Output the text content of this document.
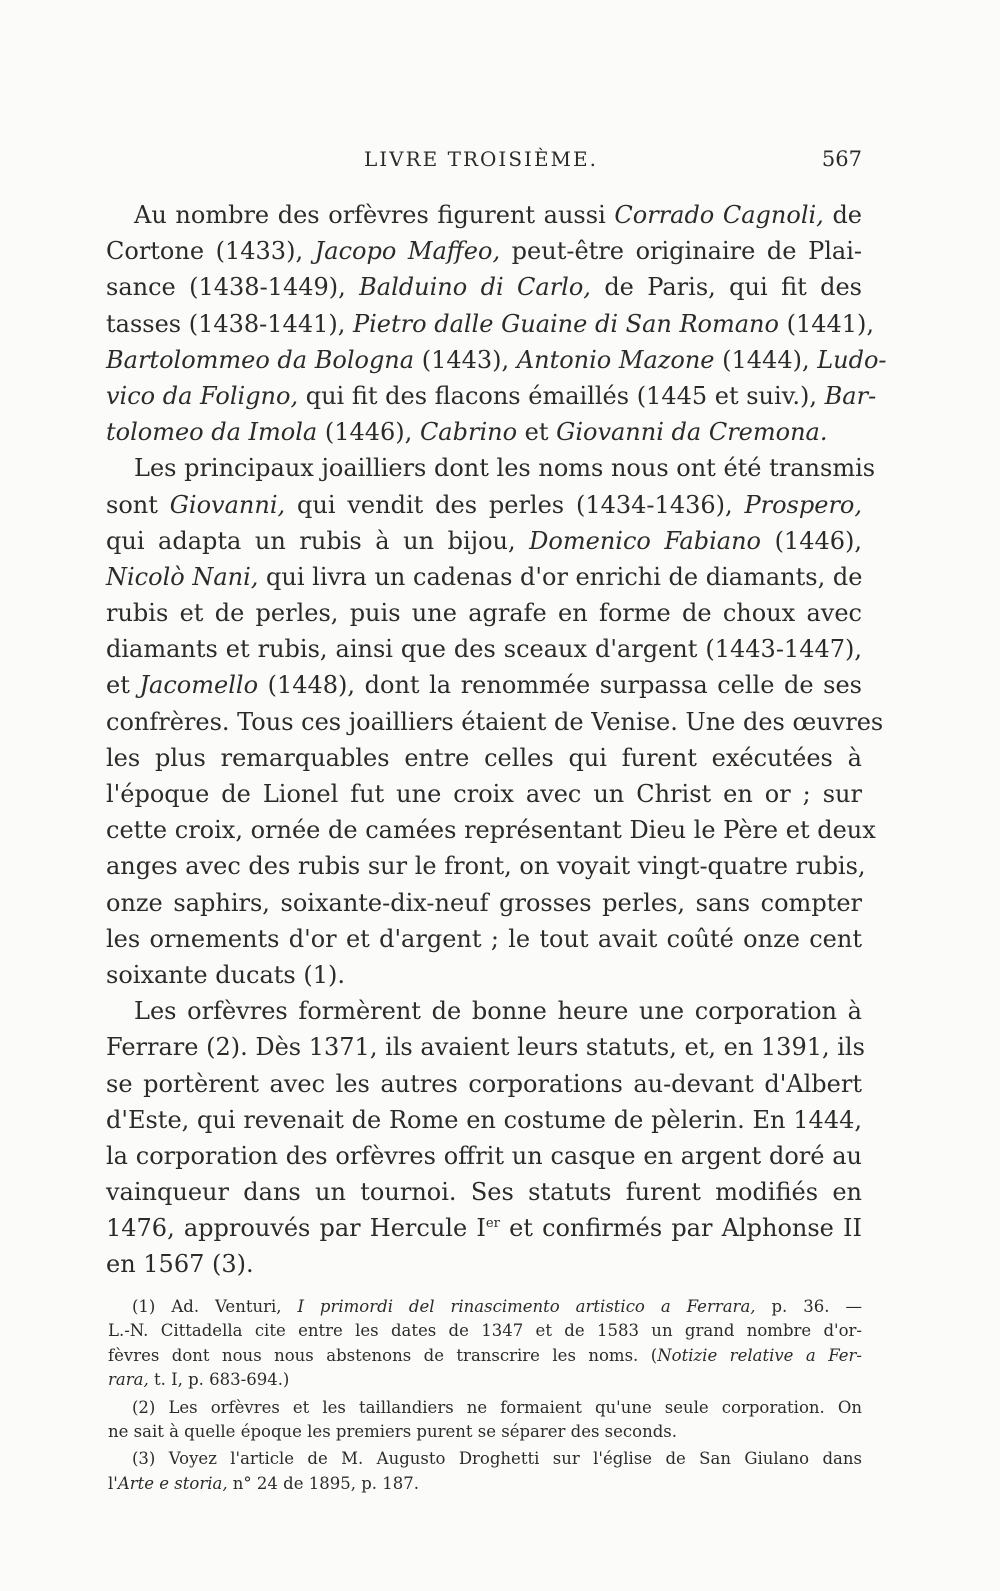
LIVRE TROISIÈME.	567
Au nombre des orfèvres figurent aussi Corrado Cagnoli, de
Cortone (1433), Jacopo Maffeo, peut-être originaire de Plai-
sance (1438-1449), Balduino di Carlo, de Paris, qui fit des
tasses (1438-1441), Pietro dalle Guaine di San Romano (1441),
Bartolommeo da Bologna (1443), Antonio Mazone (1444), Ludo-
vico da Foligno, qui fit des flacons émaillés (1445 et suiv.), Bar-
tolomeo da Imola (1446), Cabrino et Giovanni da Cremona.
Les principaux joailliers dont les noms nous ont été transmis
sont Giovanni, qui vendit des perles (1434-1436), Prospero,
qui adapta un rubis à un bijou, Domenico Fabiano (1446),
Nicolò Nani, qui livra un cadenas d'or enrichi de diamants, de
rubis et de perles, puis une agrafe en forme de choux avec
diamants et rubis, ainsi que des sceaux d'argent (1443-1447),
et Jacomello (1448), dont la renommée surpassa celle de ses
confrères. Tous ces joailliers étaient de Venise. Une des œuvres
les plus remarquables entre celles qui furent exécutées à
l'époque de Lionel fut une croix avec un Christ en or ; sur
cette croix, ornée de camées représentant Dieu le Père et deux
anges avec des rubis sur le front, on voyait vingt-quatre rubis,
onze saphirs, soixante-dix-neuf grosses perles, sans compter
les ornements d'or et d'argent ; le tout avait coûté onze cent
soixante ducats (1).
Les orfèvres formèrent de bonne heure une corporation à
Ferrare (2). Dès 1371, ils avaient leurs statuts, et, en 1391, ils
se portèrent avec les autres corporations au-devant d'Albert
d'Este, qui revenait de Rome en costume de pèlerin. En 1444,
la corporation des orfèvres offrit un casque en argent doré au
vainqueur dans un tournoi. Ses statuts furent modifiés en
1476, approuvés par Hercule Ier et confirmés par Alphonse II
en 1567 (3).
(1) Ad. Venturi, I primordi del rinascimento artistico a Ferrara, p. 36. —
L.-N. Cittadella cite entre les dates de 1347 et de 1583 un grand nombre d'or-
fèvres dont nous nous abstenons de transcrire les noms. (Notizie relative a Fer-
rara, t. I, p. 683-694.)
(2) Les orfèvres et les taillandiers ne formaient qu'une seule corporation. On
ne sait à quelle époque les premiers purent se séparer des seconds.
(3) Voyez l'article de M. Augusto Droghetti sur l'église de San Giulano dans
l'Arte e storia, n° 24 de 1895, p. 187.
